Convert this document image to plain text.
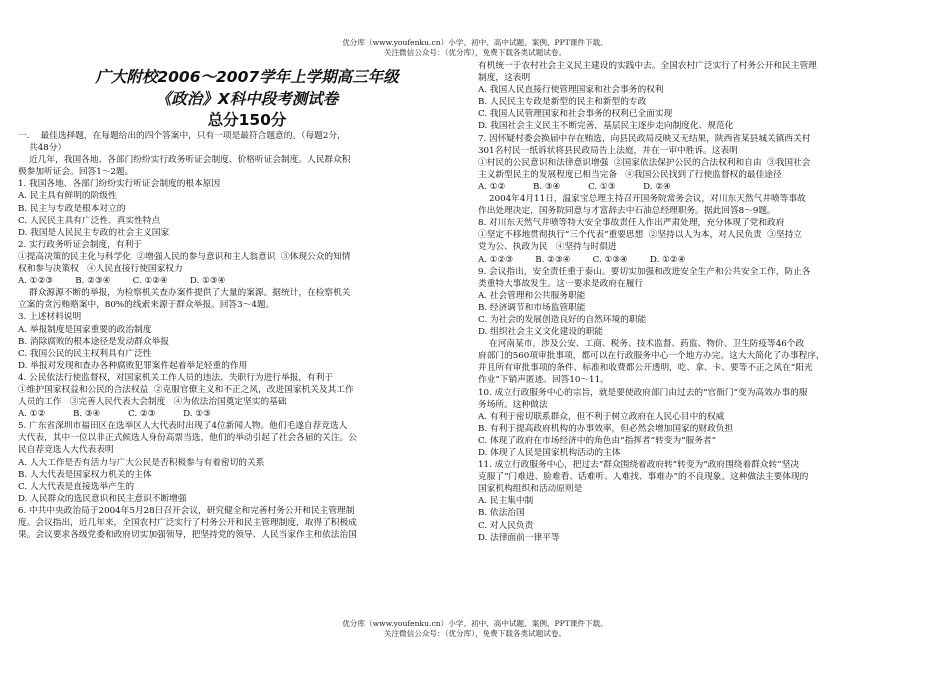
优分库（www.youfenku.cn）小学、初中、高中试题、案例、PPT课件下载。
关注微信公众号：（优分库），免费下载各类试题试卷。

广大附校2006～2007学年上学期高三年级

《政治》X科中段考测试卷

总分150分

一.    最佳选择题，在每题给出的四个答案中，只有一项是最符合题意的。（每题2分，

共48分）

近几年，我国各地、各部门纷纷实行政务听证会制度、价格听证会制度。人民群众积

极参加听证会。回答1～2题。

1. 我国各地、各部门纷纷实行听证会制度的根本原因

A. 民主具有鲜明的阶级性

B. 民主与专政是根本对立的

C. 人民民主具有广泛性、真实性特点

D. 我国是人民民主专政的社会主义国家

2. 实行政务听证会制度，有利于

①提高决策的民主化与科学化  ②增强人民的参与意识和主人翁意识  ③体现公众的知情

权和参与决策权   ④人民直接行使国家权力

A. ①②③        B. ②③④        C. ①②④        D. ①③④

群众源源不断的举报，为检察机关查办案件提供了大量的案源。据统计，在检察机关

立案的贪污贿赂案中，80%的线索来源于群众举报。回答3～4题。

3. 上述材料说明

A. 举报制度是国家重要的政治制度

B. 消除腐败的根本途径是发动群众举报

C. 我国公民的民主权利具有广泛性

D. 举报对发现和查办各种腐败犯罪案件起着举足轻重的作用

4. 公民依法行使监督权，对国家机关工作人员的违法、失职行为进行举报，有利于

①维护国家权益和公民的合法权益  ②克服官僚主义和不正之风，改进国家机关及其工作

人员的工作   ③完善人民代表大会制度   ④为依法治国奠定坚实的基础

A. ①②          B. ③④          C. ②③          D. ①③

5. 广东省深圳市福田区在选举区人大代表时出现了4位新闻人物。他们毛遂自荐竞选人

大代表，其中一位以非正式候选人身份高票当选，他们的举动引起了社会各届的关注。公

民自荐竞选人大代表表明

A. 人大工作是否有活力与广大公民是否积极参与有着密切的关系

B. 人大代表是国家权力机关的主体

C. 人大代表是直接选举产生的

D. 人民群众的选民意识和民主意识不断增强

6. 中共中央政治局于2004年5月28日召开会议，研究健全和完善村务公开和民主管理制

度。会议指出，近几年来，全国农村广泛实行了村务公开和民主管理制度，取得了积极成

果。会议要求各级党委和政府切实加强领导，把坚持党的领导、人民当家作主和依法治国

有机统一于农村社会主义民主建设的实践中去。全国农村广泛实行了村务公开和民主管理

制度，这表明

A. 我国人民直接行使管理国家和社会事务的权利

B. 人民民主专政是新型的民主和新型的专政

C. 我国人民管理国家和社会事务的权利已全面实现

D. 我国社会主义民主不断完善，基层民主逐步走向制度化、规范化

7. 因怀疑村委会换届中存在贿选，向县民政局反映又无结果，陕西省某县城关镇西关村

301名村民一纸诉状将县民政局告上法庭，并在一审中胜诉。这表明

①村民的公民意识和法律意识增强  ②国家依法保护公民的合法权利和自由  ③我国社会

主义新型民主的发展程度已相当完备   ④我国公民找到了行使监督权的最佳途径

A. ①②          B. ③④          C. ①③          D. ②④

2004年4月11日，温家宝总理主持召开国务院常务会议，对川东天然气井喷等事故

作出处理决定，国务院同意与才富辞去中石油总经理职务。据此回答8～9题。

8. 对川东天然气井喷等特大安全事故责任人作出严肃处理，充分体现了党和政府

①坚定不移地贯彻执行“三个代表”重要思想  ②坚持以人为本，对人民负责  ③坚持立

党为公、执政为民   ④坚持与时俱进

A. ①②③        B. ②③④        C. ①③④        D. ①②④

9. 会议指出，安全责任重于泰山。要切实加强和改进安全生产和公共安全工作，防止各

类重特大事故发生。这一要求是政府在履行

A. 社会管理和公共服务职能

B. 经济调节和市场监管职能

C. 为社会的发展创造良好的自然环境的职能

D. 组织社会主义文化建设的职能

在河南某市，涉及公安、工商、税务、技术监督、药监、物价、卫生防疫等46个政

府部门的560项审批事项，都可以在行政服务中心一个地方办完。这大大简化了办事程序，

并且所有审批事项的条件、标准和收费都公开透明，吃、拿、卡、要等不正之风在“阳光

作业”下销声匿迹。回答10～11。

10. 成立行政服务中心的宗旨，就是要使政府部门由过去的“官衙门”变为高效办事的服

务场所。这种做法

A. 有利于密切联系群众，但不利于树立政府在人民心目中的权威

B. 有利于提高政府机构的办事效率，但必然会增加国家的财政负担

C. 体现了政府在市场经济中的角色由“指挥者”转变为“服务者”

D. 体现了人民是国家机构活动的主体

11. 成立行政服务中心，把过去“群众围绕着政府转”转变为“政府围绕着群众转”坚决

克服了“门难进、脸难看、话难听、人难找、事难办”的不良现象。这种做法主要体现的

国家机构组织和活动原则是

A. 民主集中制

B. 依法治国

C. 对人民负责

D. 法律面前一律平等

优分库（www.youfenku.cn）小学、初中、高中试题、案例、PPT课件下载。
关注微信公众号：（优分库），免费下载各类试题试卷。
